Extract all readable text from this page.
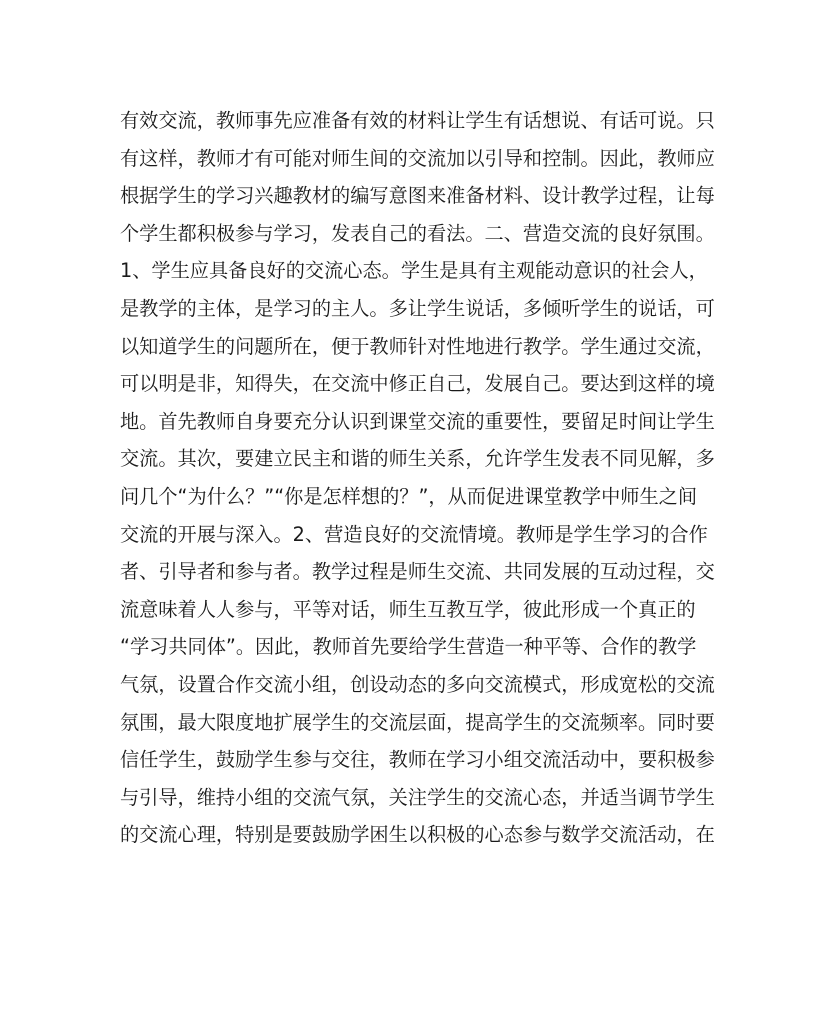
有效交流，教师事先应准备有效的材料让学生有话想说、有话可说。只
有这样，教师才有可能对师生间的交流加以引导和控制。因此，教师应
根据学生的学习兴趣教材的编写意图来准备材料、设计教学过程，让每
个学生都积极参与学习，发表自己的看法。二、营造交流的良好氛围。
1、学生应具备良好的交流心态。学生是具有主观能动意识的社会人，
是教学的主体，是学习的主人。多让学生说话，多倾听学生的说话，可
以知道学生的问题所在，便于教师针对性地进行教学。学生通过交流，
可以明是非，知得失，在交流中修正自己，发展自己。要达到这样的境
地。首先教师自身要充分认识到课堂交流的重要性，要留足时间让学生
交流。其次，要建立民主和谐的师生关系，允许学生发表不同见解，多
问几个“为什么？”“你是怎样想的？”，从而促进课堂教学中师生之间
交流的开展与深入。2、营造良好的交流情境。教师是学生学习的合作
者、引导者和参与者。教学过程是师生交流、共同发展的互动过程，交
流意味着人人参与，平等对话，师生互教互学，彼此形成一个真正的
“学习共同体”。因此，教师首先要给学生营造一种平等、合作的教学
气氛，设置合作交流小组，创设动态的多向交流模式，形成宽松的交流
氛围，最大限度地扩展学生的交流层面，提高学生的交流频率。同时要
信任学生，鼓励学生参与交往，教师在学习小组交流活动中，要积极参
与引导，维持小组的交流气氛，关注学生的交流心态，并适当调节学生
的交流心理，特别是要鼓励学困生以积极的心态参与数学交流活动，在
